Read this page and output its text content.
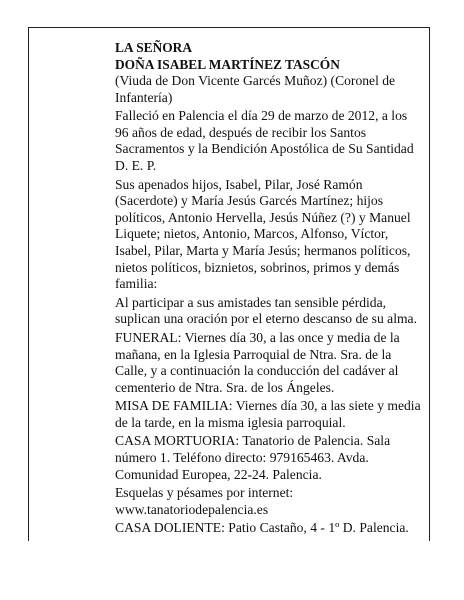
LA SEÑORA

DOÑA ISABEL MARTÍNEZ TASCÓN

(Viuda de Don Vicente Garcés Muñoz) (Coronel de Infantería)

Falleció en Palencia el día 29 de marzo de 2012, a los 96 años de edad, después de recibir los Santos Sacramentos y la Bendición Apostólica de Su Santidad D. E. P.

Sus apenados hijos, Isabel, Pilar, José Ramón (Sacerdote) y María Jesús Garcés Martínez; hijos políticos, Antonio Hervella, Jesús Núñez (?) y Manuel Liquete; nietos, Antonio, Marcos, Alfonso, Víctor, Isabel, Pilar, Marta y María Jesús; hermanos políticos, nietos políticos, biznietos, sobrinos, primos y demás familia:

Al participar a sus amistades tan sensible pérdida, suplican una oración por el eterno descanso de su alma.

FUNERAL: Viernes día 30, a las once y media de la mañana, en la Iglesia Parroquial de Ntra. Sra. de la Calle, y a continuación la conducción del cadáver al cementerio de Ntra. Sra. de los Ángeles.

MISA DE FAMILIA: Viernes día 30, a las siete y media de la tarde, en la misma iglesia parroquial.

CASA MORTUORIA: Tanatorio de Palencia. Sala número 1. Teléfono directo: 979165463. Avda. Comunidad Europea, 22-24. Palencia.

Esquelas y pésames por internet: www.tanatoriodepalencia.es

CASA DOLIENTE: Patio Castaño, 4 - 1º D. Palencia.
